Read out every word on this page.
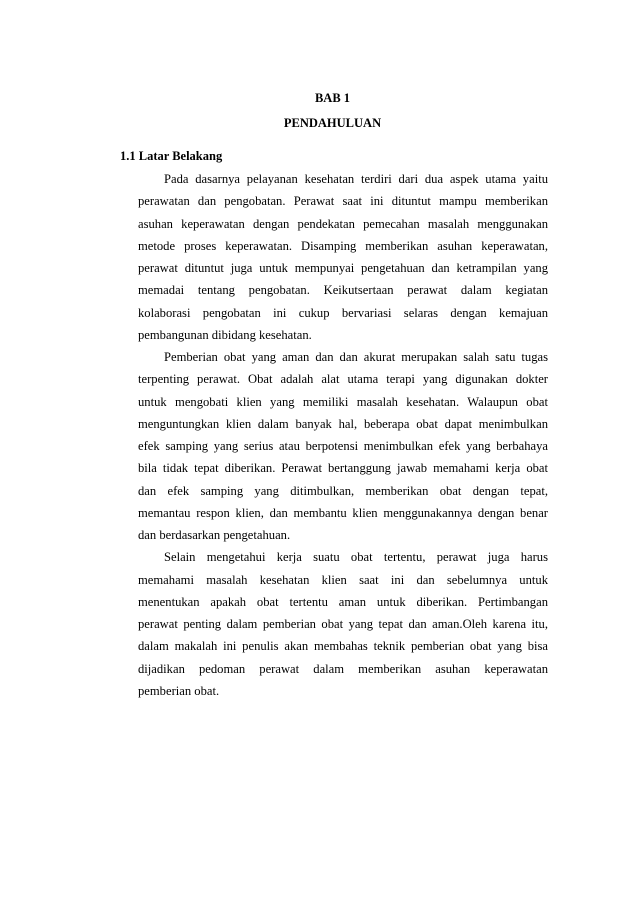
BAB 1
PENDAHULUAN
1.1 Latar Belakang
Pada dasarnya pelayanan kesehatan terdiri dari dua aspek utama yaitu
perawatan dan pengobatan. Perawat saat ini dituntut mampu memberikan
asuhan keperawatan dengan pendekatan pemecahan masalah menggunakan
metode proses keperawatan. Disamping memberikan asuhan keperawatan,
perawat dituntut juga untuk mempunyai pengetahuan dan ketrampilan yang
memadai tentang pengobatan. Keikutsertaan perawat dalam kegiatan
kolaborasi pengobatan ini cukup bervariasi selaras dengan kemajuan
pembangunan dibidang kesehatan.
Pemberian obat yang aman dan dan akurat merupakan salah satu tugas
terpenting perawat. Obat adalah alat utama terapi yang digunakan dokter
untuk mengobati klien yang memiliki masalah kesehatan. Walaupun obat
menguntungkan klien dalam banyak hal, beberapa obat dapat menimbulkan
efek samping yang serius atau berpotensi menimbulkan efek yang berbahaya
bila tidak tepat diberikan. Perawat bertanggung jawab memahami kerja obat
dan efek samping yang ditimbulkan, memberikan obat dengan tepat,
memantau respon klien, dan membantu klien menggunakannya dengan benar
dan berdasarkan pengetahuan.
Selain mengetahui kerja suatu obat tertentu, perawat juga harus
memahami masalah kesehatan klien saat ini dan sebelumnya untuk
menentukan apakah obat tertentu aman untuk diberikan. Pertimbangan
perawat penting dalam pemberian obat yang tepat dan aman.Oleh karena itu,
dalam makalah ini penulis akan membahas teknik pemberian obat yang bisa
dijadikan pedoman perawat dalam memberikan asuhan keperawatan
pemberian obat.
